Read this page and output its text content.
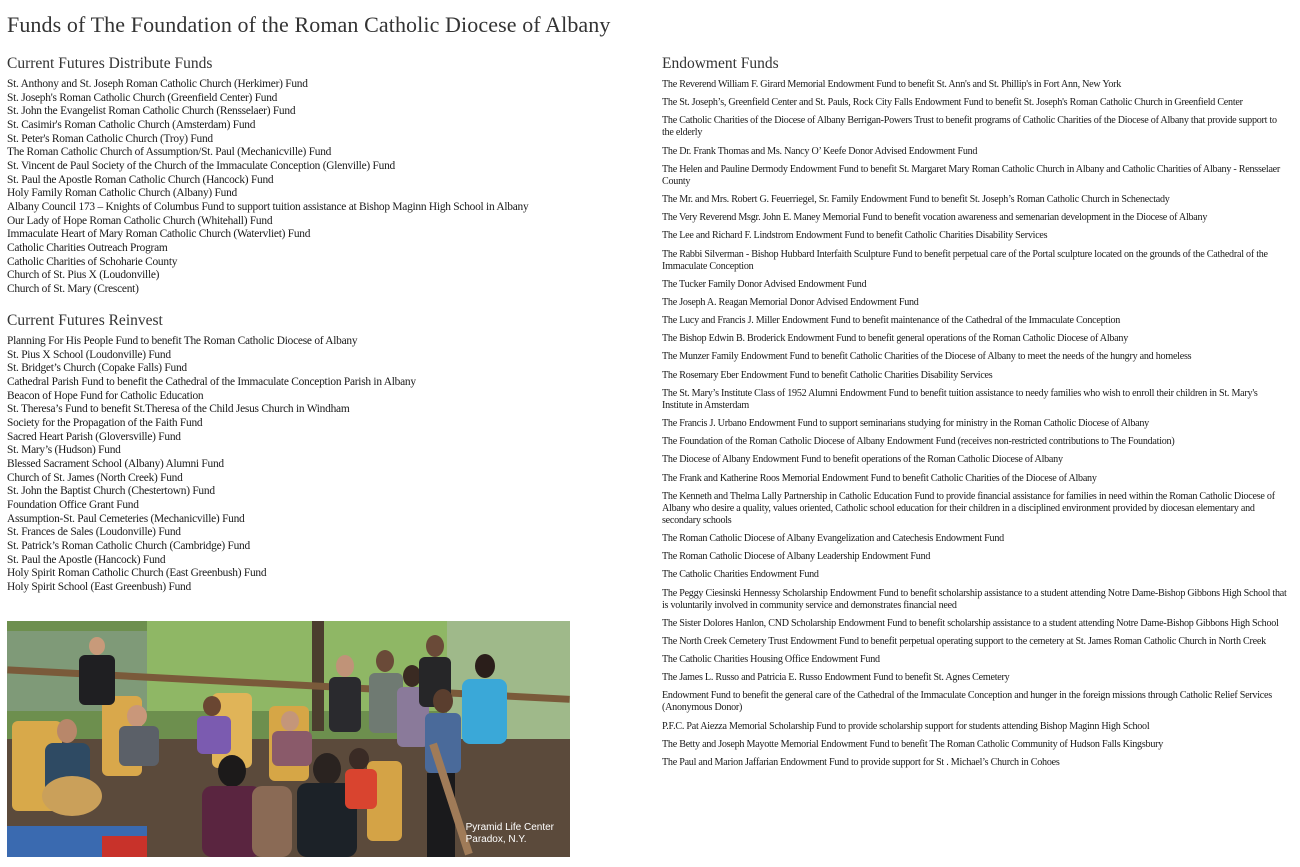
Funds of The Foundation of the Roman Catholic Diocese of Albany
Current Futures Distribute Funds
St. Anthony and St. Joseph Roman Catholic Church (Herkimer) Fund
St. Joseph's Roman Catholic Church (Greenfield Center) Fund
St. John the Evangelist Roman Catholic Church (Rensselaer) Fund
St. Casimir's Roman Catholic Church (Amsterdam) Fund
St. Peter's Roman Catholic Church (Troy) Fund
The Roman Catholic Church of Assumption/St. Paul (Mechanicville) Fund
St. Vincent de Paul Society of the Church of the Immaculate Conception (Glenville) Fund
St. Paul the Apostle Roman Catholic Church (Hancock) Fund
Holy Family Roman Catholic Church (Albany) Fund
Albany Council 173 – Knights of Columbus Fund to support tuition assistance at Bishop Maginn High School in Albany
Our Lady of Hope Roman Catholic Church (Whitehall) Fund
Immaculate Heart of Mary Roman Catholic Church (Watervliet) Fund
Catholic Charities Outreach Program
Catholic Charities of Schoharie County
Church of St. Pius X (Loudonville)
Church of St. Mary (Crescent)
Current Futures Reinvest
Planning For His People Fund to benefit The Roman Catholic Diocese of Albany
St. Pius X School (Loudonville) Fund
St. Bridget’s Church (Copake Falls) Fund
Cathedral Parish Fund to benefit the Cathedral of the Immaculate Conception Parish in Albany
Beacon of Hope Fund for Catholic Education
St. Theresa’s Fund to benefit St.Theresa of the Child Jesus Church in Windham
Society for the Propagation of the Faith Fund
Sacred Heart Parish (Gloversville) Fund
St. Mary’s (Hudson) Fund
Blessed Sacrament School (Albany) Alumni Fund
Church of St. James (North Creek) Fund
St. John the Baptist Church (Chestertown) Fund
Foundation Office Grant Fund
Assumption-St. Paul Cemeteries (Mechanicville) Fund
St. Frances de Sales (Loudonville) Fund
St. Patrick’s Roman Catholic Church (Cambridge) Fund
St. Paul the Apostle (Hancock) Fund
Holy Spirit Roman Catholic Church (East Greenbush) Fund
Holy Spirit School (East Greenbush) Fund
Pyramid Life Center
Paradox, N.Y.
Endowment Funds
The Reverend William F. Girard Memorial Endowment Fund to benefit St. Ann's and St. Phillip's in Fort Ann, New York
The St. Joseph’s, Greenfield Center and St. Pauls, Rock City Falls Endowment Fund to benefit St. Joseph's Roman Catholic Church in Greenfield Center
The Catholic Charities of the Diocese of Albany Berrigan-Powers Trust to benefit programs of Catholic Charities of the Diocese of Albany that provide support to the elderly
The Dr. Frank Thomas and Ms. Nancy O’ Keefe Donor Advised Endowment Fund
The Helen and Pauline Dermody Endowment Fund to benefit St. Margaret Mary Roman Catholic Church in Albany and Catholic Charities of Albany - Rensselaer County
The Mr. and Mrs. Robert G. Feuerriegel, Sr. Family Endowment Fund to benefit St. Joseph’s Roman Catholic Church in Schenectady
The Very Reverend Msgr. John E. Maney Memorial Fund to benefit vocation awareness and semenarian development in the Diocese of Albany
The Lee and Richard F. Lindstrom Endowment Fund to benefit Catholic Charities Disability Services
The Rabbi Silverman - Bishop Hubbard Interfaith Sculpture Fund to benefit perpetual care of the Portal sculpture located on the grounds of the Cathedral of the Immaculate Conception
The Tucker Family Donor Advised Endowment Fund
The Joseph A. Reagan Memorial Donor Advised Endowment Fund
The Lucy and Francis J. Miller Endowment Fund to benefit maintenance of the Cathedral of the Immaculate Conception
The Bishop Edwin B. Broderick Endowment Fund to benefit general operations of the Roman Catholic Diocese of Albany
The Munzer Family Endowment Fund to benefit Catholic Charities of the Diocese of Albany to meet the needs of the hungry and homeless
The Rosemary Eber Endowment Fund to benefit Catholic Charities Disability Services
The St. Mary’s Institute Class of 1952 Alumni Endowment Fund to benefit tuition assistance to needy families who wish to enroll their children in St. Mary's Institute in Amsterdam
The Francis J. Urbano Endowment Fund to support seminarians studying for ministry in the Roman Catholic Diocese of Albany
The Foundation of the Roman Catholic Diocese of Albany Endowment Fund (receives non-restricted contributions to The Foundation)
The Diocese of Albany Endowment Fund to benefit operations of the Roman Catholic Diocese of Albany
The Frank and Katherine Roos Memorial Endowment Fund to benefit Catholic Charities of the Diocese of Albany
The Kenneth and Thelma Lally Partnership in Catholic Education Fund to provide financial assistance for families in need within the Roman Catholic Diocese of Albany who desire a quality, values oriented, Catholic school education for their children in a disciplined environment provided by diocesan elementary and secondary schools
The Roman Catholic Diocese of Albany Evangelization and Catechesis Endowment Fund
The Roman Catholic Diocese of Albany Leadership Endowment Fund
The Catholic Charities Endowment Fund
The Peggy Ciesinski Hennessy Scholarship Endowment Fund to benefit scholarship assistance to a student attending Notre Dame-Bishop Gibbons High School that is voluntarily involved in community service and demonstrates financial need
The Sister Dolores Hanlon, CND Scholarship Endowment Fund to benefit scholarship assistance to a student attending Notre Dame-Bishop Gibbons High School
The North Creek Cemetery Trust Endowment Fund to benefit perpetual operating support to the cemetery at St. James Roman Catholic Church in North Creek
The Catholic Charities Housing Office Endowment Fund
The James L. Russo and Patricia E. Russo Endowment Fund to benefit St. Agnes Cemetery
Endowment Fund to benefit the general care of the Cathedral of the Immaculate Conception and hunger in the foreign missions through Catholic Relief Services (Anonymous Donor)
P.F.C. Pat Aiezza Memorial Scholarship Fund to provide scholarship support for students attending Bishop Maginn High School
The Betty and Joseph Mayotte Memorial Endowment Fund to benefit The Roman Catholic Community of Hudson Falls Kingsbury
The Paul and Marion Jaffarian Endowment Fund to provide support for St . Michael’s Church in Cohoes
